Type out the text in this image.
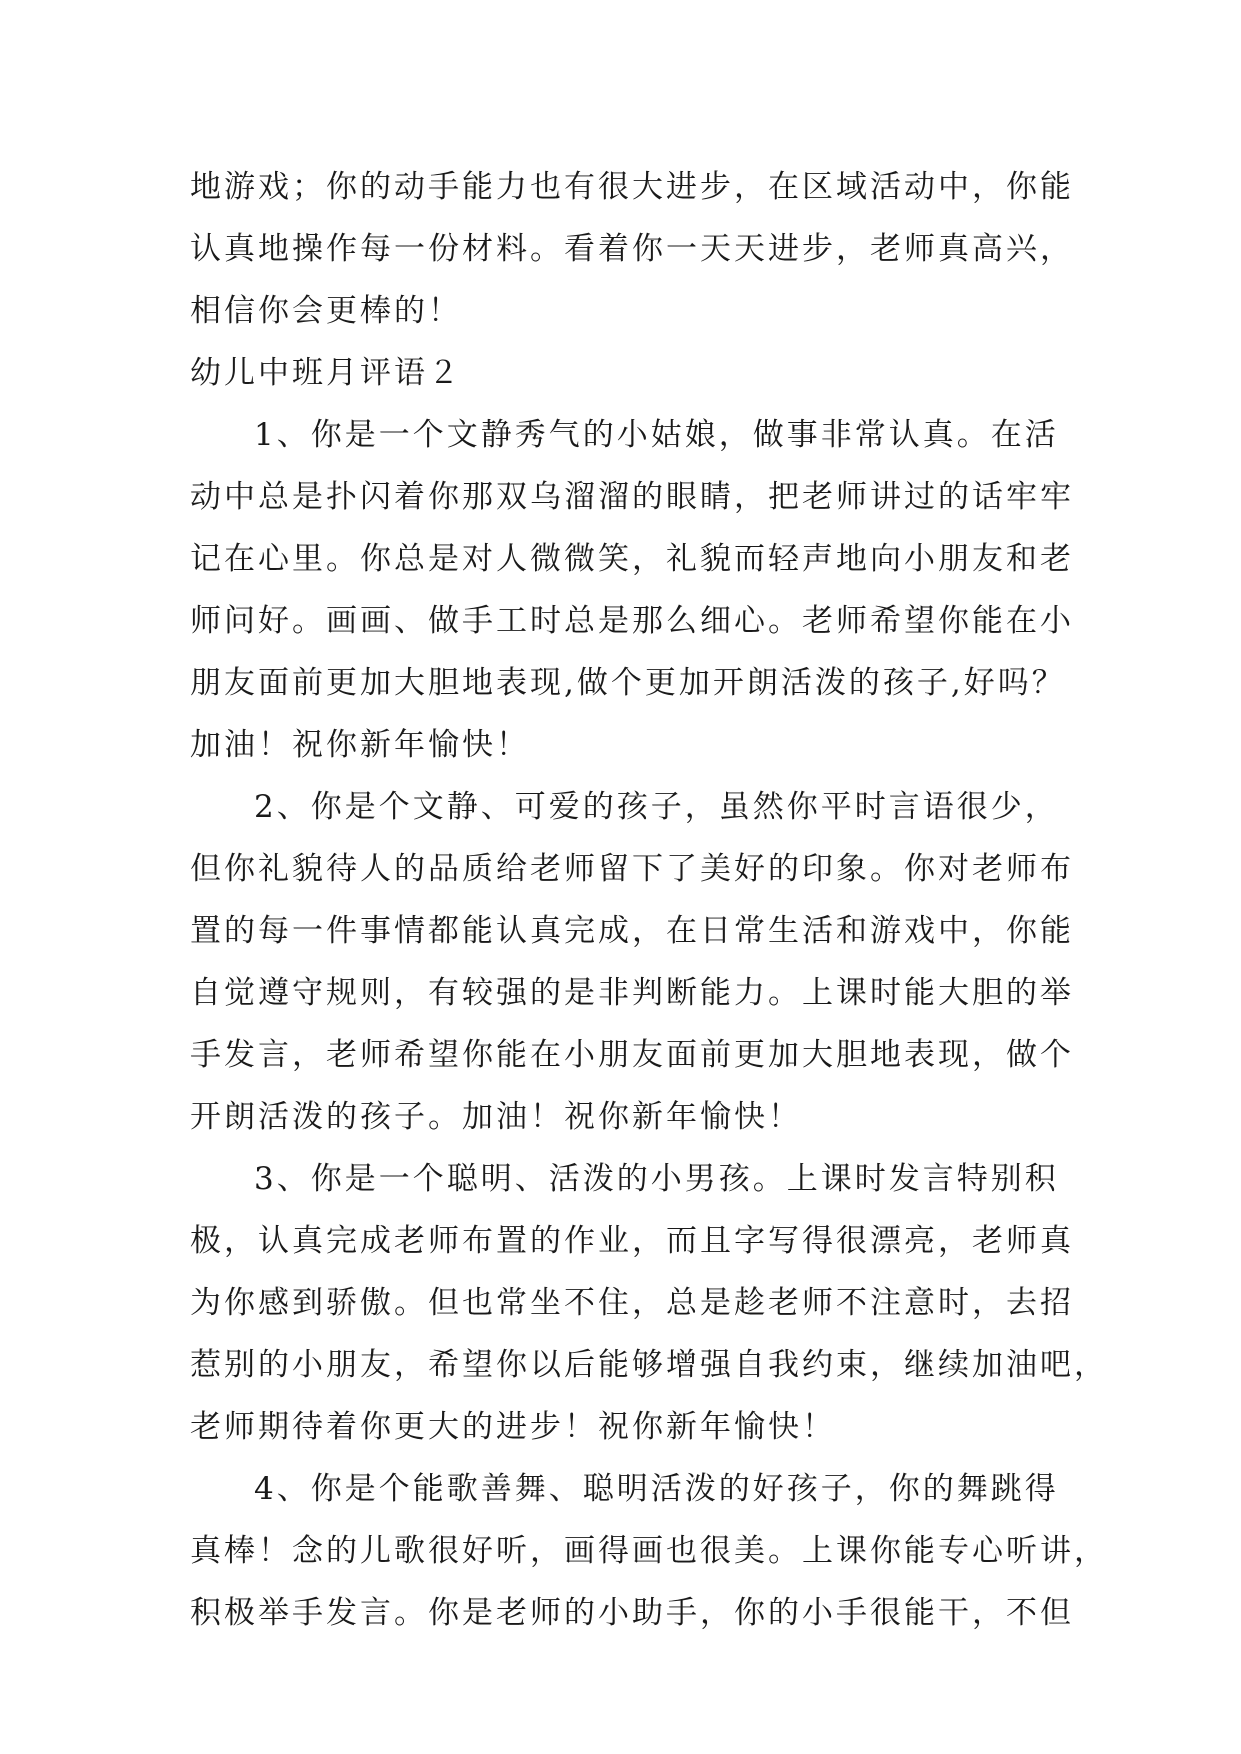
地游戏；你的动手能力也有很大进步，在区域活动中，你能
认真地操作每一份材料。看着你一天天进步，老师真高兴，
相信你会更棒的！
幼儿中班月评语２
1、你是一个文静秀气的小姑娘，做事非常认真。在活
动中总是扑闪着你那双乌溜溜的眼睛，把老师讲过的话牢牢
记在心里。你总是对人微微笑，礼貌而轻声地向小朋友和老
师问好。画画、做手工时总是那么细心。老师希望你能在小
朋友面前更加大胆地表现,做个更加开朗活泼的孩子,好吗？
加油！祝你新年愉快！
2、你是个文静、可爱的孩子，虽然你平时言语很少，
但你礼貌待人的品质给老师留下了美好的印象。你对老师布
置的每一件事情都能认真完成，在日常生活和游戏中，你能
自觉遵守规则，有较强的是非判断能力。上课时能大胆的举
手发言，老师希望你能在小朋友面前更加大胆地表现，做个
开朗活泼的孩子。加油！祝你新年愉快！
3、你是一个聪明、活泼的小男孩。上课时发言特别积
极，认真完成老师布置的作业，而且字写得很漂亮，老师真
为你感到骄傲。但也常坐不住，总是趁老师不注意时，去招
惹别的小朋友，希望你以后能够增强自我约束，继续加油吧，
老师期待着你更大的进步！祝你新年愉快！
4、你是个能歌善舞、聪明活泼的好孩子，你的舞跳得
真棒！念的儿歌很好听，画得画也很美。上课你能专心听讲，
积极举手发言。你是老师的小助手，你的小手很能干，不但
